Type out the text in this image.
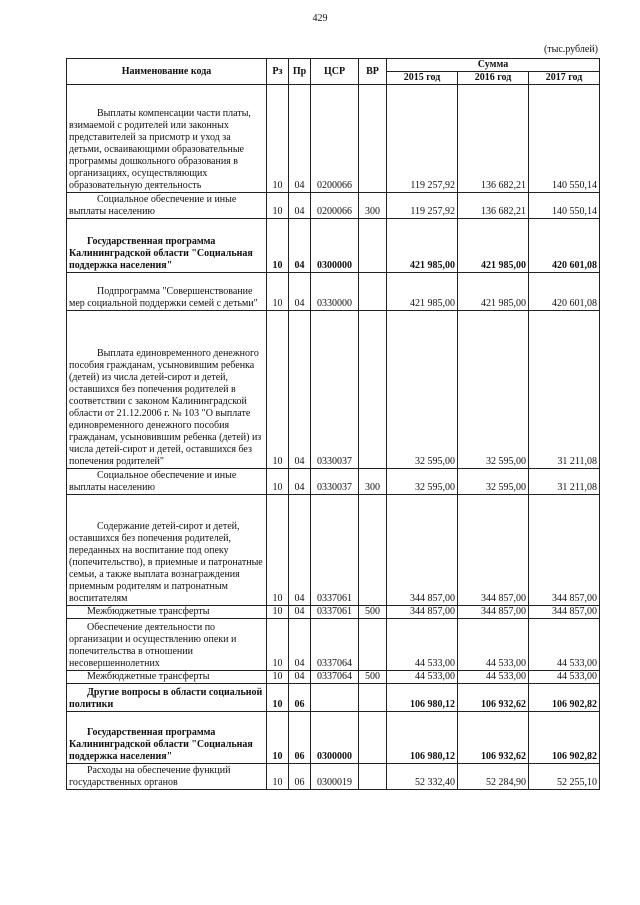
429
(тыс.рублей)
Наименование кода	Рз	Пр	ЦСР	ВР	Сумма		
					2015 год	2016 год	2017 год
Выплаты компенсации части платы, взимаемой с родителей или законных представителей за присмотр и уход за детьми, осваивающими образовательные программы дошкольного образования в организациях, осуществляющих образовательную деятельность	10	04	0200066		119 257,92	136 682,21	140 550,14
Социальное обеспечение и иные выплаты населению	10	04	0200066	300	119 257,92	136 682,21	140 550,14
Государственная программа Калининградской области "Социальная поддержка населения"	10	04	0300000		421 985,00	421 985,00	420 601,08
Подпрограмма "Совершенствование мер социальной поддержки семей с детьми"	10	04	0330000		421 985,00	421 985,00	420 601,08
Выплата единовременного денежного пособия гражданам, усыновившим ребенка (детей) из числа детей-сирот и детей, оставшихся без попечения родителей в соответствии с законом Калининградской области от 21.12.2006 г. № 103 "О выплате единовременного денежного пособия гражданам, усыновившим ребенка (детей) из числа детей-сирот и детей, оставшихся без попечения родителей"	10	04	0330037		32 595,00	32 595,00	31 211,08
Социальное обеспечение и иные выплаты населению	10	04	0330037	300	32 595,00	32 595,00	31 211,08
Содержание детей-сирот и детей, оставшихся без попечения родителей, переданных на воспитание под опеку (попечительство), в приемные и патронатные семьи, а также выплата вознаграждения приемным родителям и патронатным воспитателям	10	04	0337061		344 857,00	344 857,00	344 857,00
Межбюджетные трансферты	10	04	0337061	500	344 857,00	344 857,00	344 857,00
Обеспечение деятельности по организации и осуществлению опеки и попечительства в отношении несовершеннолетних	10	04	0337064		44 533,00	44 533,00	44 533,00
Межбюджетные трансферты	10	04	0337064	500	44 533,00	44 533,00	44 533,00
Другие вопросы в области социальной политики	10	06			106 980,12	106 932,62	106 902,82
Государственная программа Калининградской области "Социальная поддержка населения"	10	06	0300000		106 980,12	106 932,62	106 902,82
Расходы на обеспечение функций государственных органов	10	06	0300019		52 332,40	52 284,90	52 255,10
